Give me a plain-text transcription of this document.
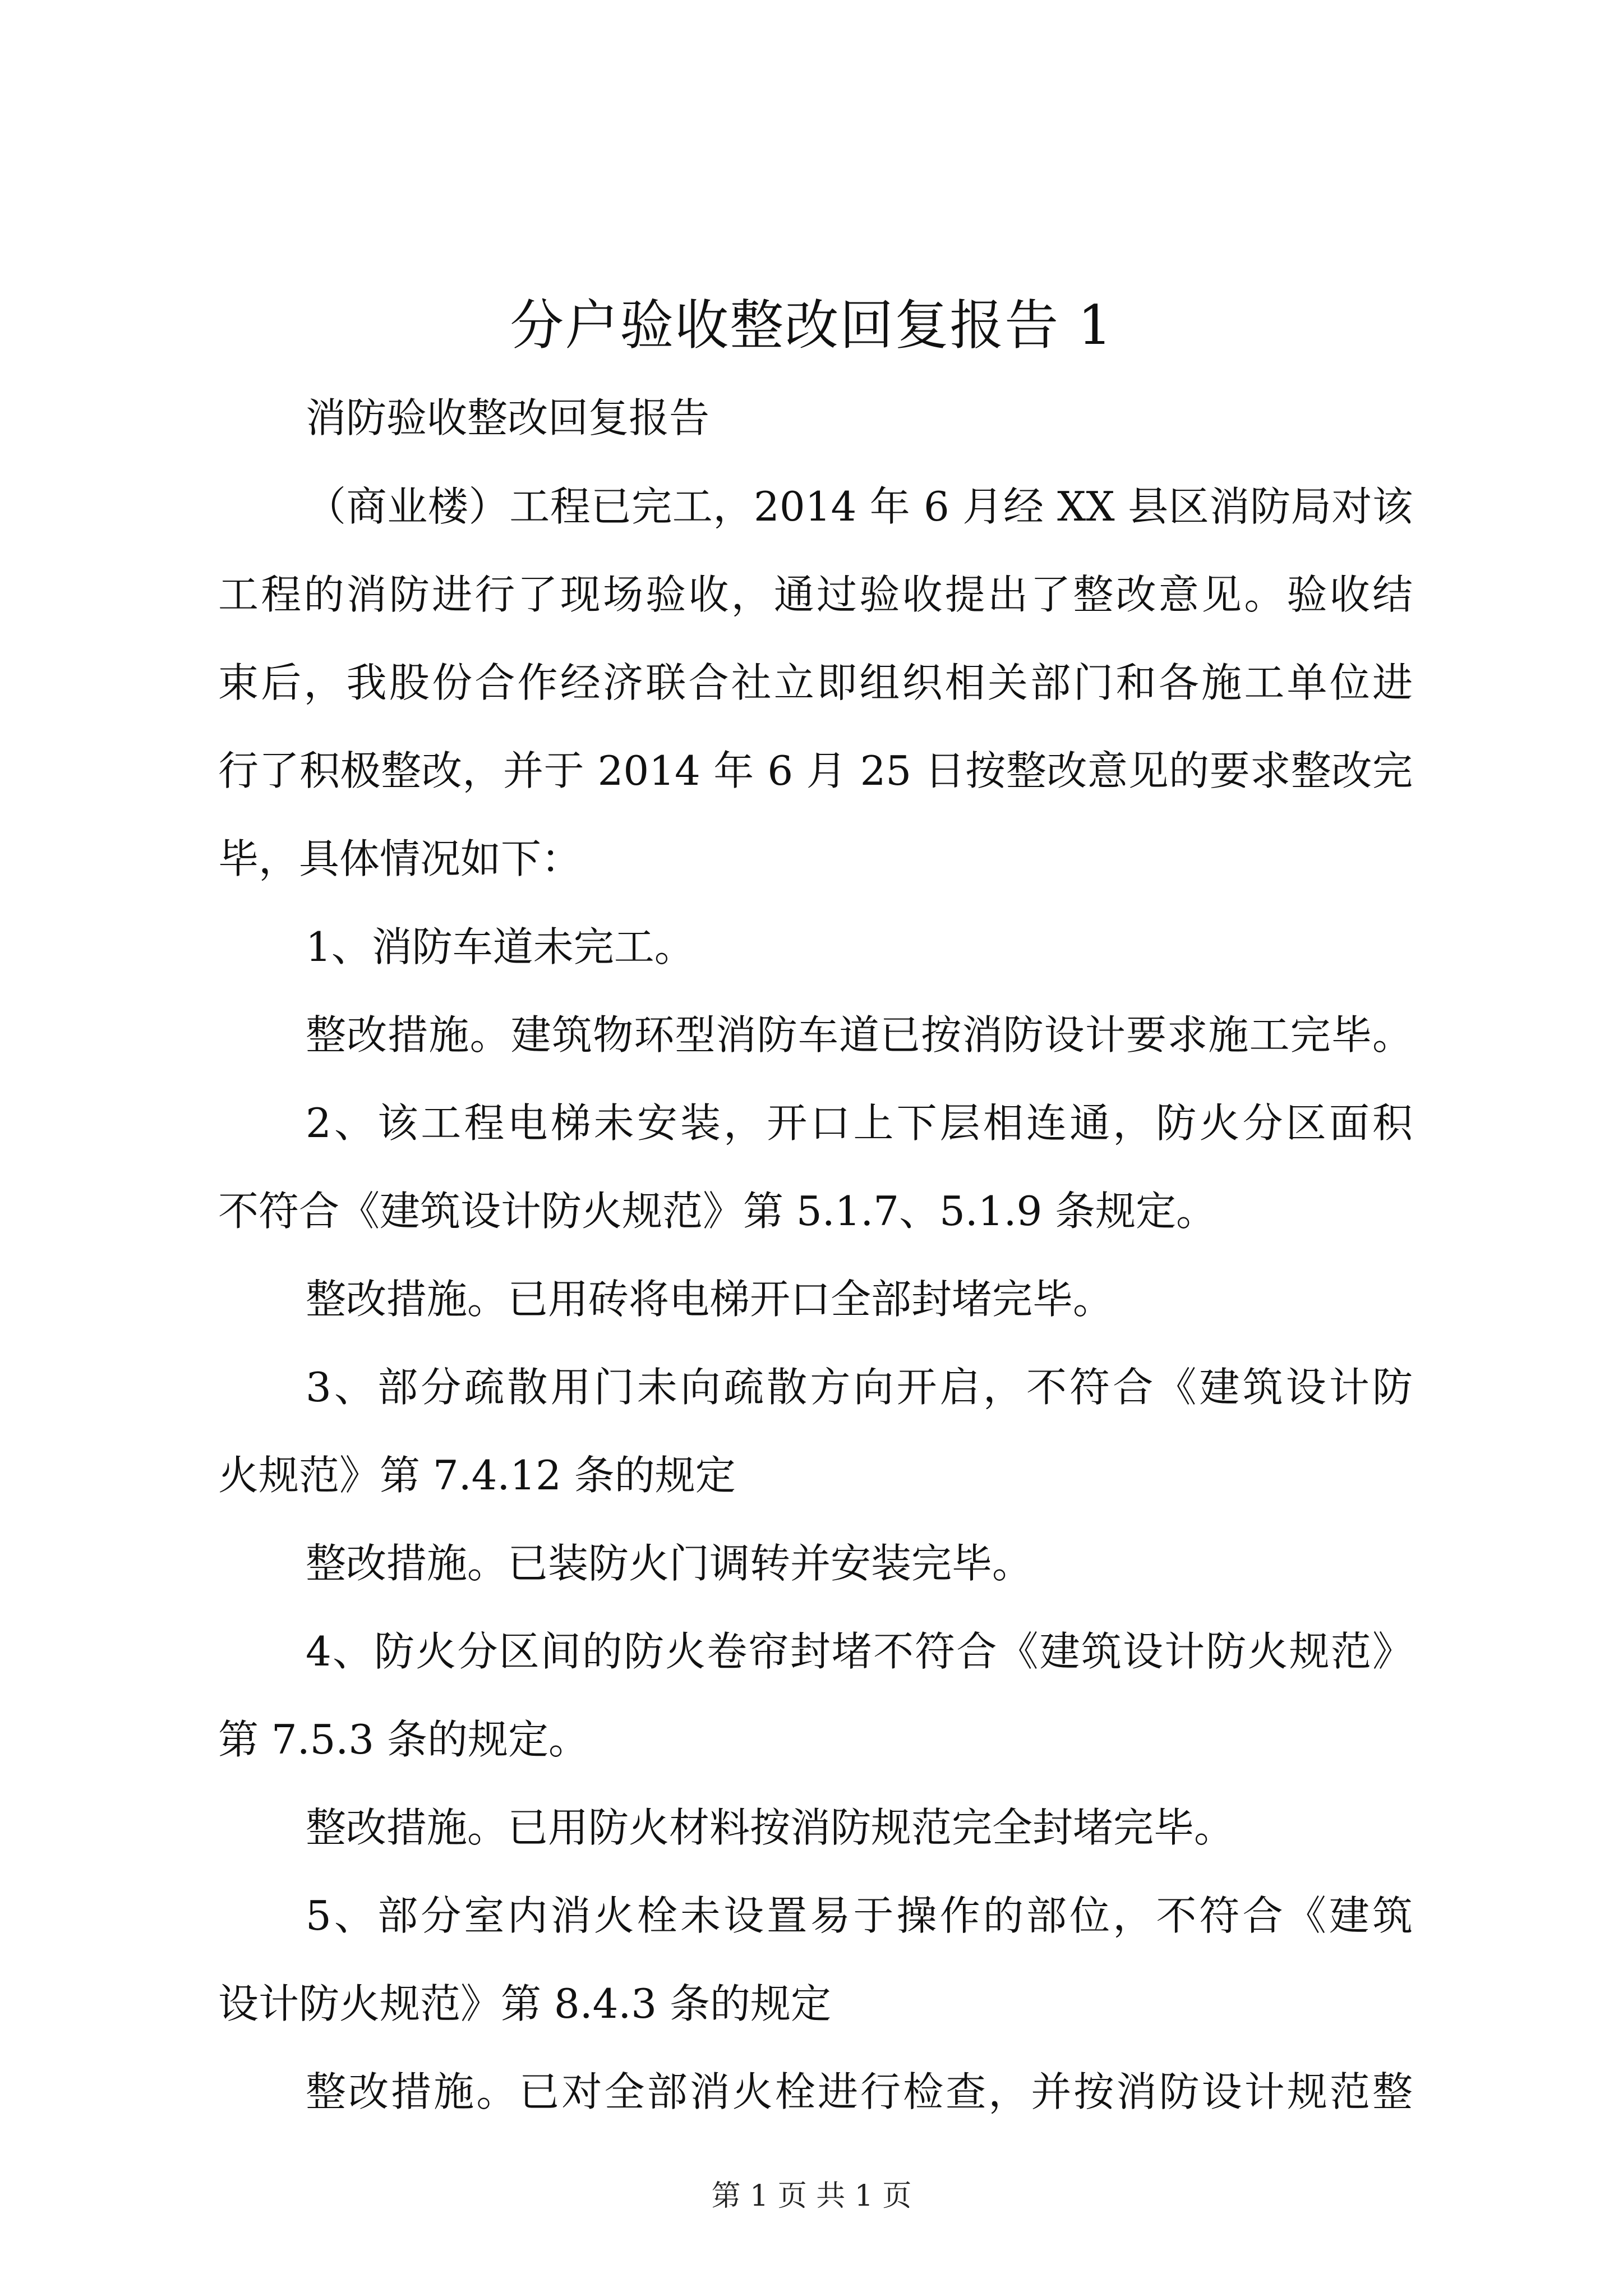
分户验收整改回复报告 1
消防验收整改回复报告
（商业楼）工程已完工，2014 年 6 月经 XX 县区消防局对该
工程的消防进行了现场验收，通过验收提出了整改意见。验收结
束后，我股份合作经济联合社立即组织相关部门和各施工单位进
行了积极整改，并于 2014 年 6 月 25 日按整改意见的要求整改完
毕，具体情况如下：
1、消防车道未完工。
整改措施。建筑物环型消防车道已按消防设计要求施工完毕。
2、该工程电梯未安装，开口上下层相连通，防火分区面积
不符合《建筑设计防火规范》第 5.1.7、5.1.9 条规定。
整改措施。已用砖将电梯开口全部封堵完毕。
3、部分疏散用门未向疏散方向开启，不符合《建筑设计防
火规范》第 7.4.12 条的规定
整改措施。已装防火门调转并安装完毕。
4、防火分区间的防火卷帘封堵不符合《建筑设计防火规范》
第 7.5.3 条的规定。
整改措施。已用防火材料按消防规范完全封堵完毕。
5、部分室内消火栓未设置易于操作的部位，不符合《建筑
设计防火规范》第 8.4.3 条的规定
整改措施。已对全部消火栓进行检查，并按消防设计规范整
第 1 页 共 1 页
